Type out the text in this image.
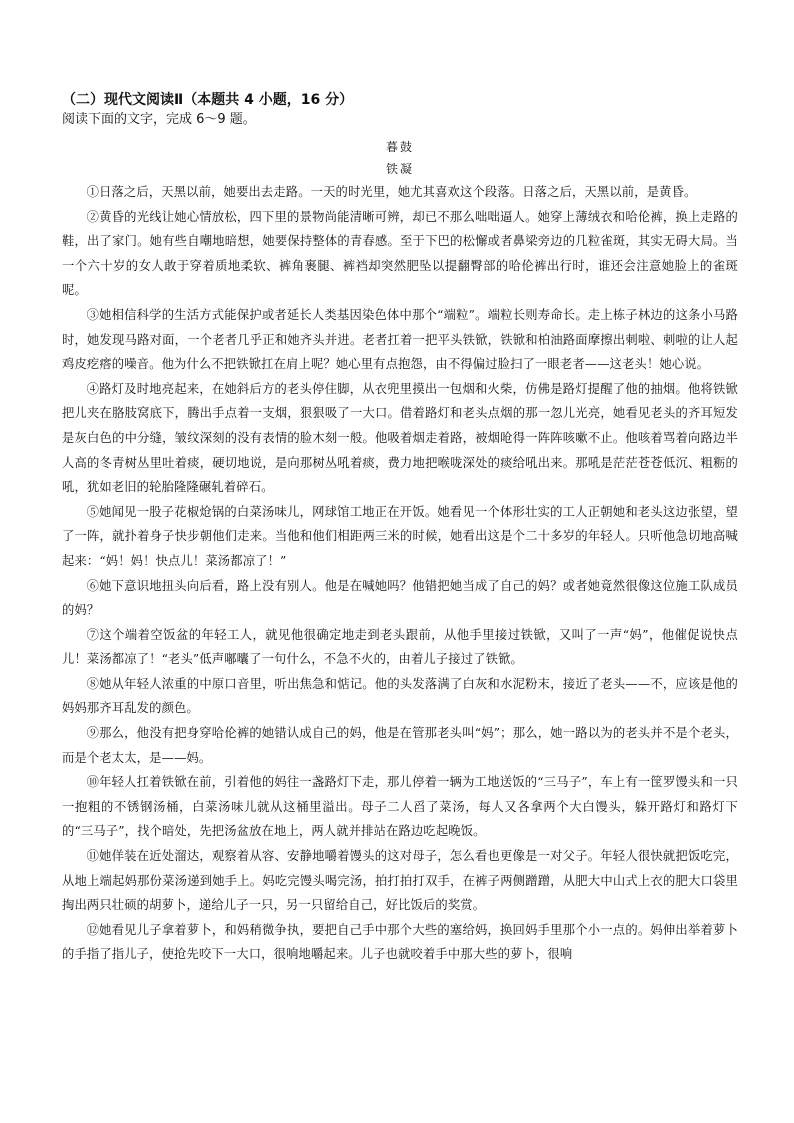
（二）现代文阅读Ⅱ（本题共 4 小题，16 分）

阅读下面的文字，完成 6～9 题。

暮鼓

铁凝

①日落之后，天黑以前，她要出去走路。一天的时光里，她尤其喜欢这个段落。日落之后，天黑以前，是黄昏。

②黄昏的光线让她心情放松，四下里的景物尚能清晰可辨，却已不那么咄咄逼人。她穿上薄绒衣和哈伦裤，换上走路的鞋，出了家门。她有些自嘲地暗想，她要保持整体的青春感。至于下巴的松懈或者鼻梁旁边的几粒雀斑，其实无碍大局。当一个六十岁的女人敢于穿着质地柔软、裤角裹腿、裤裆却突然肥坠以提翻臀部的哈伦裤出行时，谁还会注意她脸上的雀斑呢。

③她相信科学的生活方式能保护或者延长人类基因染色体中那个“端粒”。端粒长则寿命长。走上栋子林边的这条小马路时，她发现马路对面，一个老者几乎正和她齐头并进。老者扛着一把平头铁锨，铁锨和柏油路面摩擦出刺啦、刺啦的让人起鸡皮疙瘩的噪音。他为什么不把铁锨扛在肩上呢？她心里有点抱怨，由不得偏过脸扫了一眼老者——这老头！她心说。

④路灯及时地亮起来，在她斜后方的老头停住脚，从衣兜里摸出一包烟和火柴，仿佛是路灯提醒了他的抽烟。他将铁锨把儿夹在胳肢窝底下，腾出手点着一支烟，狠狠吸了一大口。借着路灯和老头点烟的那一忽儿光亮，她看见老头的齐耳短发是灰白色的中分缝，皱纹深刻的没有表情的脸木刻一般。他吸着烟走着路，被烟呛得一阵阵咳嗽不止。他咳着骂着向路边半人高的冬青树丛里吐着痰，硬切地说，是向那树丛吼着痰，费力地把喉咙深处的痰给吼出来。那吼是茫茫苍苍低沉、粗粝的吼，犹如老旧的轮胎隆隆碾轧着碎石。

⑤她闻见一股子花椒炝锅的白菜汤味儿，网球馆工地正在开饭。她看见一个体形壮实的工人正朝她和老头这边张望，望了一阵，就扑着身子快步朝他们走来。当他和他们相距两三米的时候，她看出这是个二十多岁的年轻人。只听他急切地高喊起来：“妈！妈！快点儿！菜汤都凉了！”

⑥她下意识地扭头向后看，路上没有别人。他是在喊她吗？他错把她当成了自己的妈？或者她竟然很像这位施工队成员的妈？

⑦这个端着空饭盆的年轻工人，就见他很确定地走到老头跟前，从他手里接过铁锨，又叫了一声“妈”，他催促说快点儿！菜汤都凉了！“老头”低声嘟囔了一句什么，不急不火的，由着儿子接过了铁锨。

⑧她从年轻人浓重的中原口音里，听出焦急和惦记。他的头发落满了白灰和水泥粉末，接近了老头——不，应该是他的妈妈那齐耳乱发的颜色。

⑨那么，他没有把身穿哈伦裤的她错认成自己的妈，他是在管那老头叫“妈”；那么，她一路以为的老头并不是个老头，而是个老太太，是——妈。

⑩年轻人扛着铁锨在前，引着他的妈往一盏路灯下走，那儿停着一辆为工地送饭的“三马子”，车上有一筐罗馒头和一只一抱粗的不锈钢汤桶，白菜汤味儿就从这桶里溢出。母子二人舀了菜汤，每人又各拿两个大白馒头，躲开路灯和路灯下的“三马子”，找个暗处，先把汤盆放在地上，两人就并排站在路边吃起晚饭。

⑪她佯装在近处溜达，观察着从容、安静地嚼着馒头的这对母子，怎么看也更像是一对父子。年轻人很快就把饭吃完，从地上端起妈那份菜汤递到她手上。妈吃完馒头喝完汤，拍打拍打双手，在裤子两侧蹭蹭，从肥大中山式上衣的肥大口袋里掏出两只壮硕的胡萝卜，递给儿子一只，另一只留给自己，好比饭后的奖赏。

⑫她看见儿子拿着萝卜，和妈稍微争执，要把自己手中那个大些的塞给妈，换回妈手里那个小一点的。妈伸出举着萝卜的手指了指儿子，使抢先咬下一大口，很响地嚼起来。儿子也就咬着手中那大些的萝卜，很响
